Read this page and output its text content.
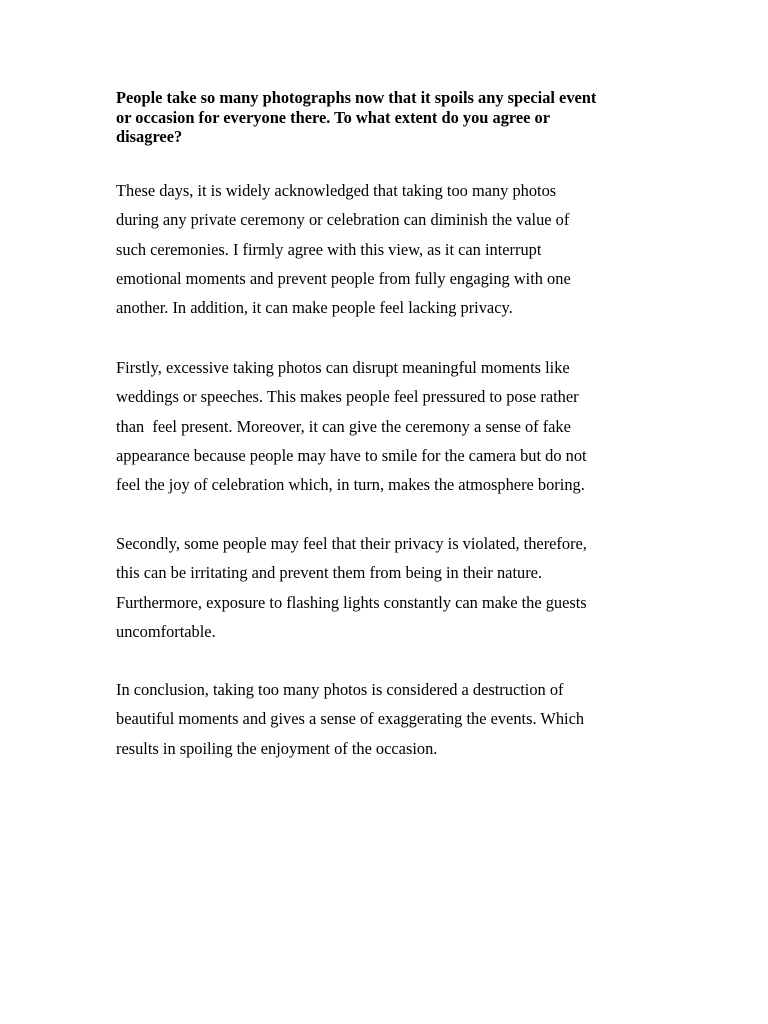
People take so many photographs now that it spoils any special event
or occasion for everyone there. To what extent do you agree or
disagree?

These days, it is widely acknowledged that taking too many photos
during any private ceremony or celebration can diminish the value of
such ceremonies. I firmly agree with this view, as it can interrupt
emotional moments and prevent people from fully engaging with one
another. In addition, it can make people feel lacking privacy.

Firstly, excessive taking photos can disrupt meaningful moments like
weddings or speeches. This makes people feel pressured to pose rather
than  feel present. Moreover, it can give the ceremony a sense of fake
appearance because people may have to smile for the camera but do not
feel the joy of celebration which, in turn, makes the atmosphere boring.

Secondly, some people may feel that their privacy is violated, therefore,
this can be irritating and prevent them from being in their nature.
Furthermore, exposure to flashing lights constantly can make the guests
uncomfortable.

In conclusion, taking too many photos is considered a destruction of
beautiful moments and gives a sense of exaggerating the events. Which
results in spoiling the enjoyment of the occasion.
